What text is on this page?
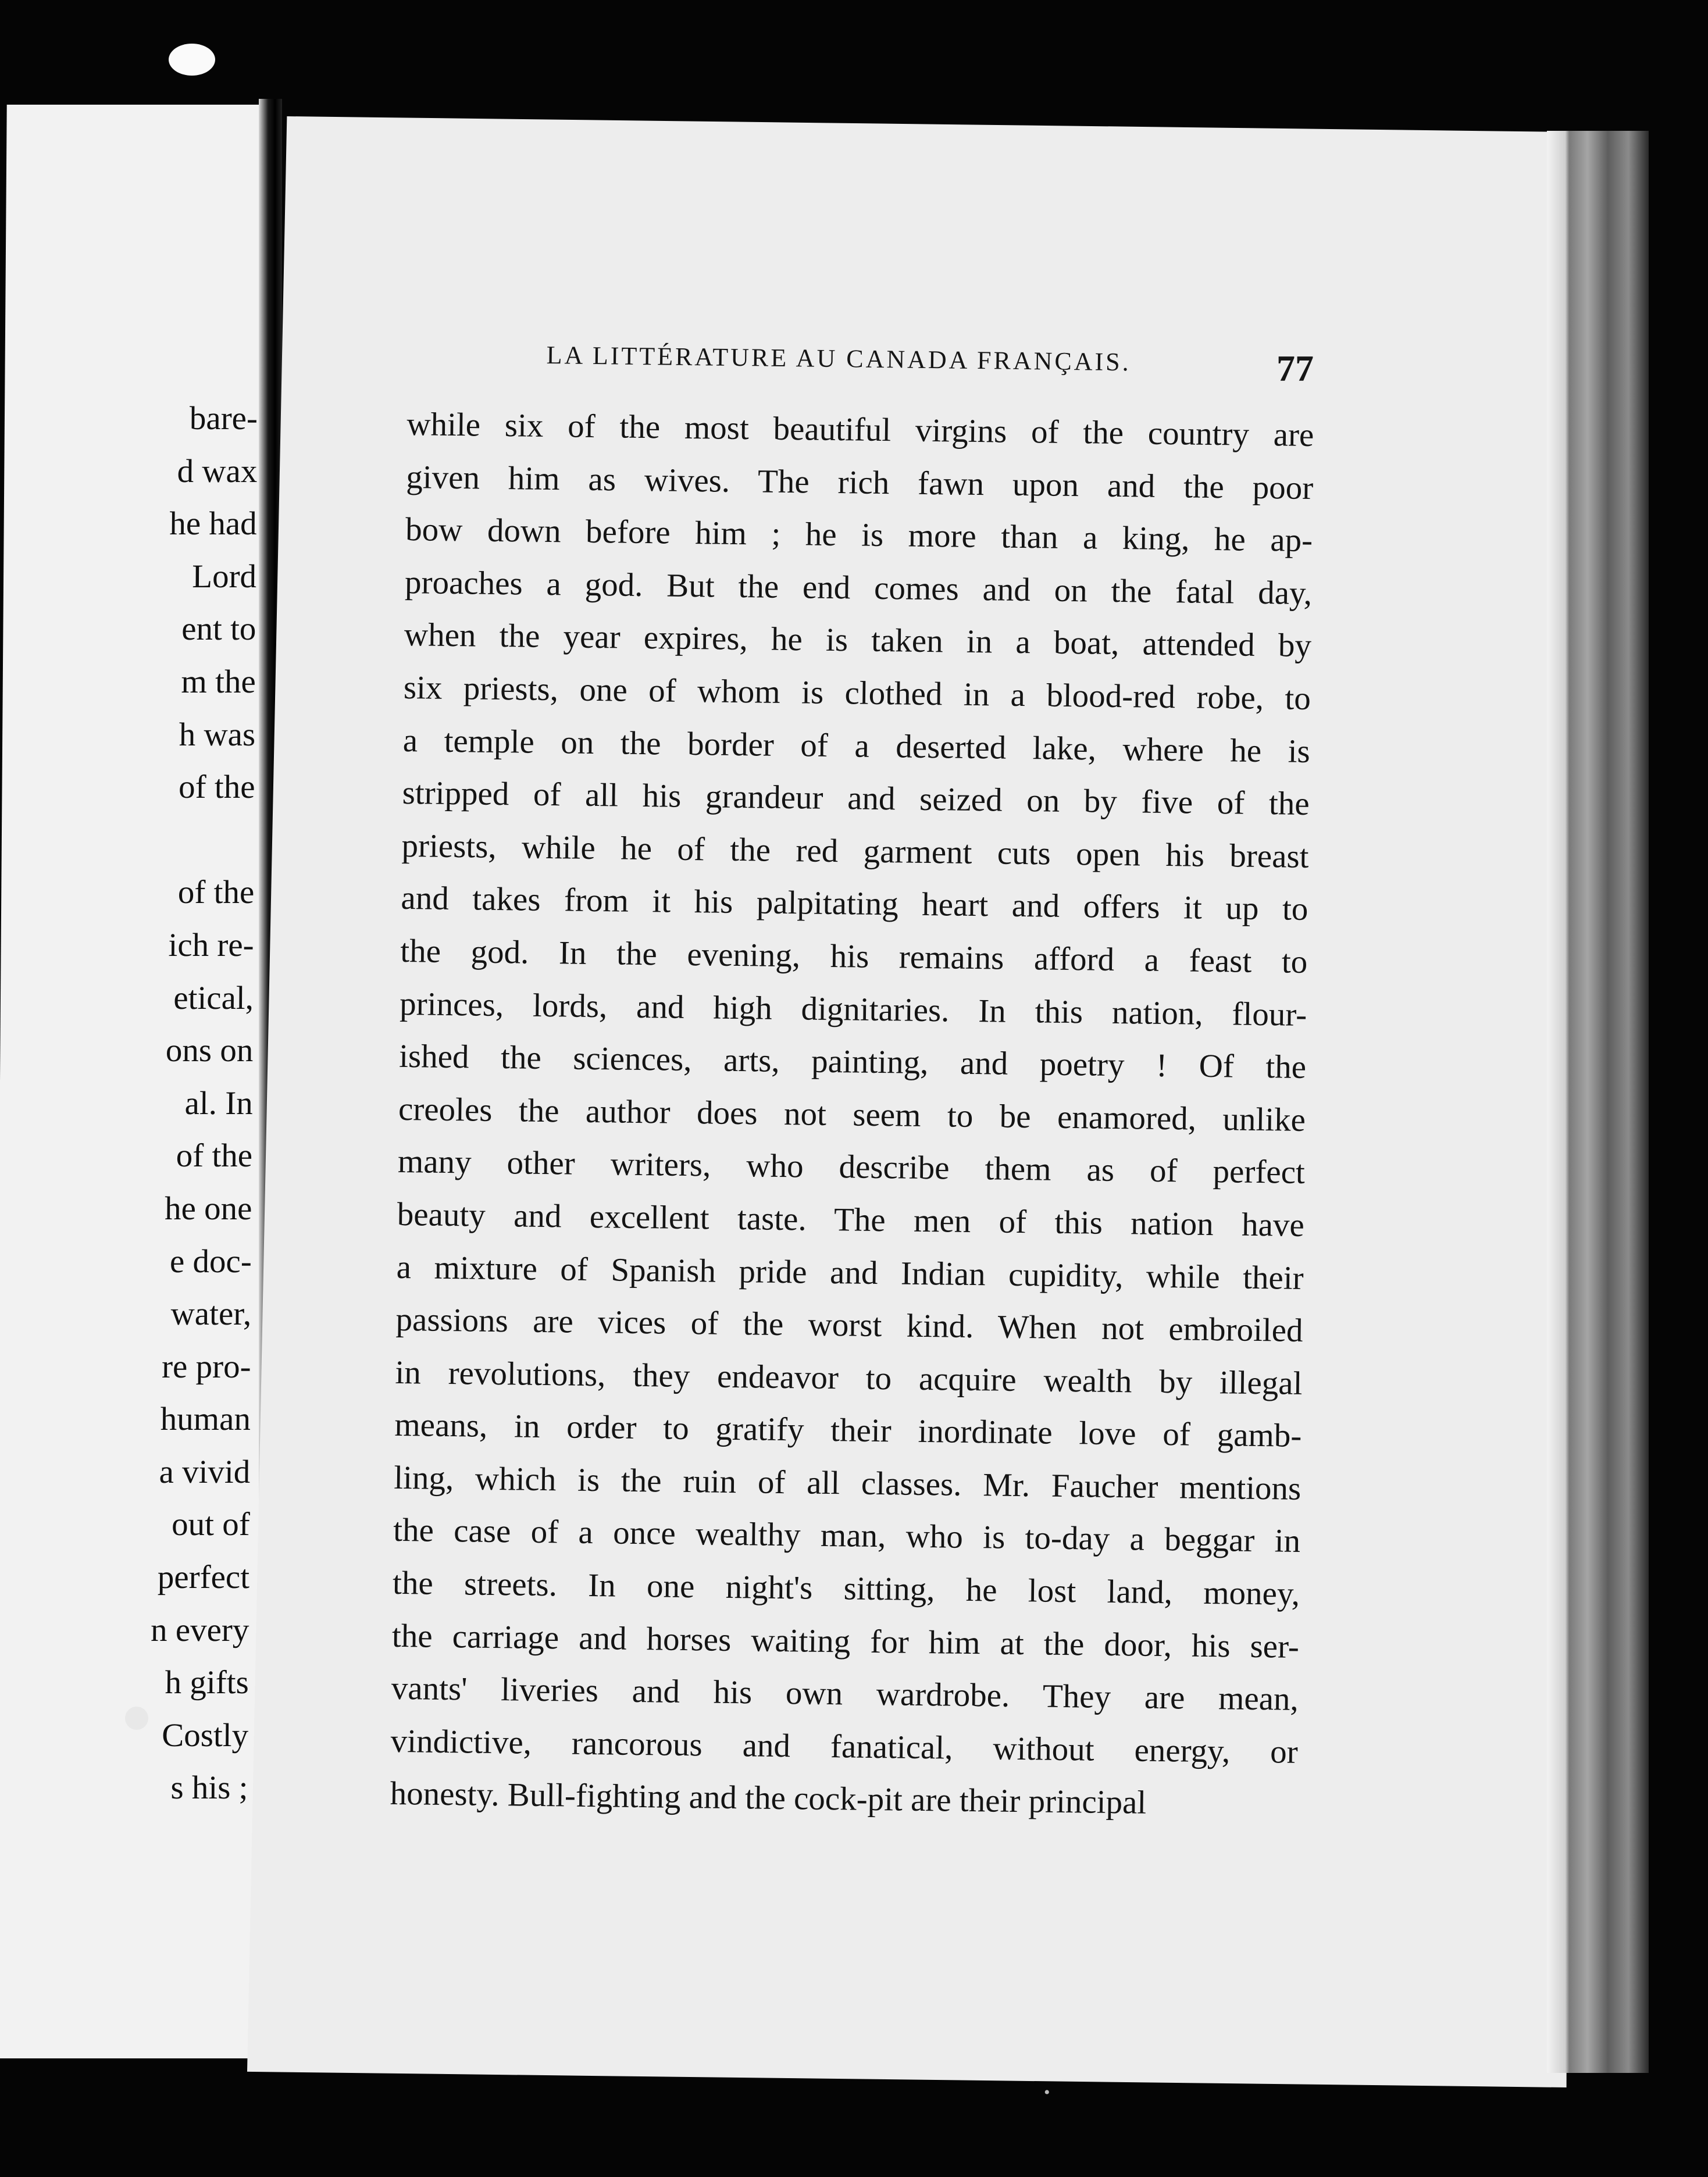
bare-
d wax
he had
Lord
ent to
m the
h was
of the

of the
ich re-
etical,
ons on
al. In
of the
he one
e doc-
water,
re pro-
human
a vivid
out of
perfect
n every
h gifts
Costly
s his ;
LA LITTÉRATURE AU CANADA FRANÇAIS.	77
while six of the most beautiful virgins of the country are
given him as wives. The rich fawn upon and the poor
bow down before him ; he is more than a king, he ap-
proaches a god. But the end comes and on the fatal day,
when the year expires, he is taken in a boat, attended by
six priests, one of whom is clothed in a blood-red robe, to
a temple on the border of a deserted lake, where he is
stripped of all his grandeur and seized on by five of the
priests, while he of the red garment cuts open his breast
and takes from it his palpitating heart and offers it up to
the god. In the evening, his remains afford a feast to
princes, lords, and high dignitaries. In this nation, flour-
ished the sciences, arts, painting, and poetry ! Of the
creoles the author does not seem to be enamored, unlike
many other writers, who describe them as of perfect
beauty and excellent taste. The men of this nation have
a mixture of Spanish pride and Indian cupidity, while their
passions are vices of the worst kind. When not embroiled
in revolutions, they endeavor to acquire wealth by illegal
means, in order to gratify their inordinate love of gamb-
ling, which is the ruin of all classes. Mr. Faucher mentions
the case of a once wealthy man, who is to-day a beggar in
the streets. In one night's sitting, he lost land, money,
the carriage and horses waiting for him at the door, his ser-
vants' liveries and his own wardrobe. They are mean,
vindictive, rancorous and fanatical, without energy, or
honesty. Bull-fighting and the cock-pit are their principal
•
